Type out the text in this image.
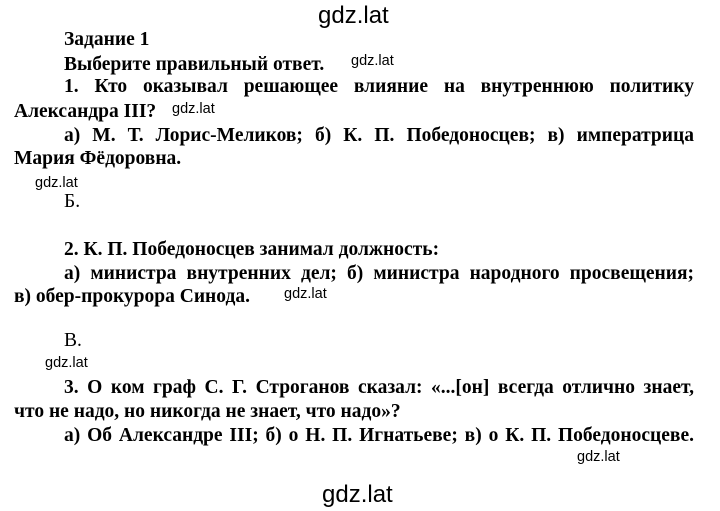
gdz.lat
Задание 1
Выберите правильный ответ. gdz.lat
1. Кто оказывал решающее влияние на внутреннюю политику
Александра III? gdz.lat
а) М. Т. Лорис-Меликов; б) К. П. Победоносцев; в) императрица
Мария Фёдоровна.
gdz.lat
Б.
2. К. П. Победоносцев занимал должность:
а) министра внутренних дел; б) министра народного просвещения;
в) обер-прокурора Синода. gdz.lat
В.
gdz.lat
3. О ком граф С. Г. Строганов сказал: «...[он] всегда отлично знает,
что не надо, но никогда не знает, что надо»?
а) Об Александре III; б) о Н. П. Игнатьеве; в) о К. П. Победоносцеве.
gdz.lat
gdz.lat
